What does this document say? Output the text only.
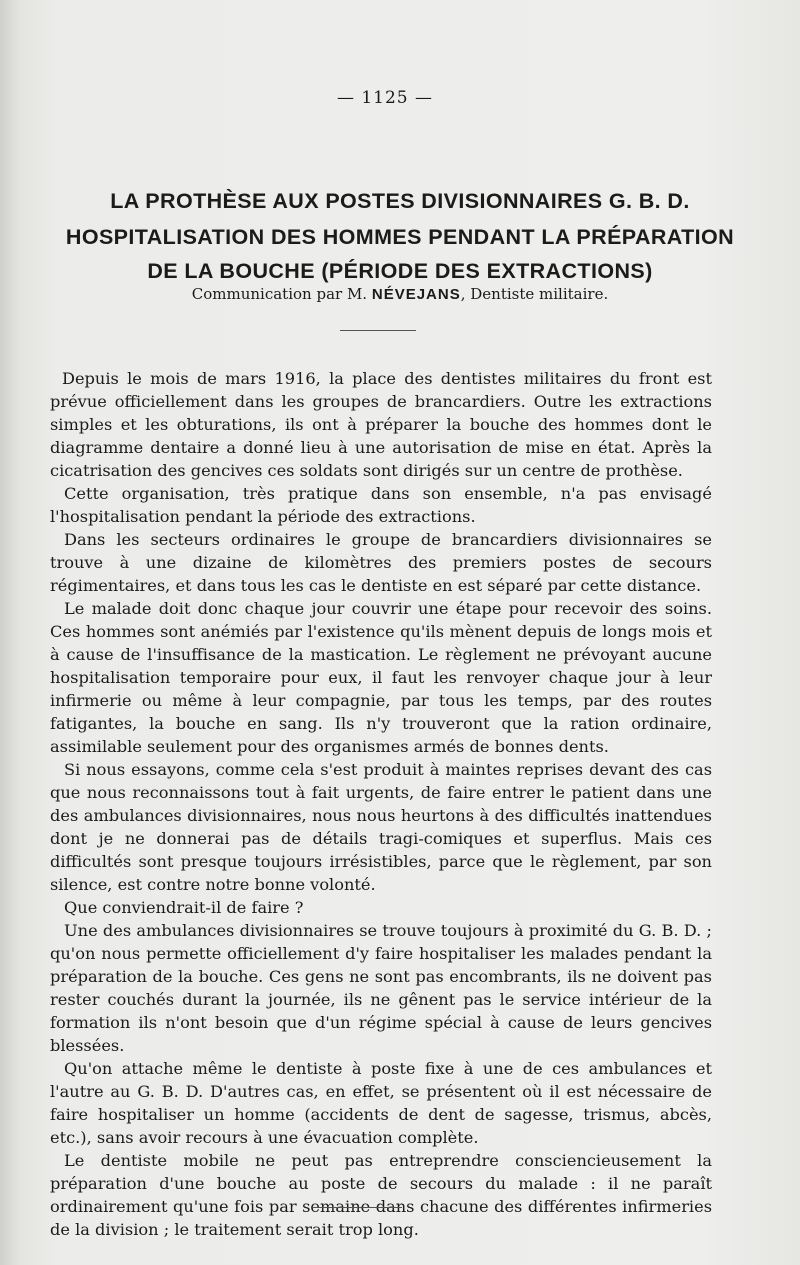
— 1125 —
LA PROTHÈSE AUX POSTES DIVISIONNAIRES G. B. D.
HOSPITALISATION DES HOMMES PENDANT LA PRÉPARATION
DE LA BOUCHE (PÉRIODE DES EXTRACTIONS)
Communication par M. NÉVEJANS, Dentiste militaire.

Depuis le mois de mars 1916, la place des dentistes militaires du front est prévue officiellement dans les groupes de brancardiers. Outre les extractions simples et les obturations, ils ont à préparer la bouche des hommes dont le diagramme dentaire a donné lieu à une autorisation de mise en état. Après la cicatrisation des gencives ces soldats sont dirigés sur un centre de prothèse.

Cette organisation, très pratique dans son ensemble, n'a pas envisagé l'hospitalisation pendant la période des extractions.

Dans les secteurs ordinaires le groupe de brancardiers divisionnaires se trouve à une dizaine de kilomètres des premiers postes de secours régimentaires, et dans tous les cas le dentiste en est séparé par cette distance.

Le malade doit donc chaque jour couvrir une étape pour recevoir des soins. Ces hommes sont anémiés par l'existence qu'ils mènent depuis de longs mois et à cause de l'insuffisance de la mastication. Le règlement ne prévoyant aucune hospitalisation temporaire pour eux, il faut les renvoyer chaque jour à leur infirmerie ou même à leur compagnie, par tous les temps, par des routes fatigantes, la bouche en sang. Ils n'y trouveront que la ration ordinaire, assimilable seulement pour des organismes armés de bonnes dents.

Si nous essayons, comme cela s'est produit à maintes reprises devant des cas que nous reconnaissons tout à fait urgents, de faire entrer le patient dans une des ambulances divisionnaires, nous nous heurtons à des difficultés inattendues dont je ne donnerai pas de détails tragi-comiques et superflus. Mais ces difficultés sont presque toujours irrésistibles, parce que le règlement, par son silence, est contre notre bonne volonté.

Que conviendrait-il de faire ?

Une des ambulances divisionnaires se trouve toujours à proximité du G. B. D. ; qu'on nous permette officiellement d'y faire hospitaliser les malades pendant la préparation de la bouche. Ces gens ne sont pas encombrants, ils ne doivent pas rester couchés durant la journée, ils ne gênent pas le service intérieur de la formation ils n'ont besoin que d'un régime spécial à cause de leurs gencives blessées.

Qu'on attache même le dentiste à poste fixe à une de ces ambulances et l'autre au G. B. D. D'autres cas, en effet, se présentent où il est nécessaire de faire hospitaliser un homme (accidents de dent de sagesse, trismus, abcès, etc.), sans avoir recours à une évacuation complète.

Le dentiste mobile ne peut pas entreprendre consciencieusement la préparation d'une bouche au poste de secours du malade : il ne paraît ordinairement qu'une fois par semaine dans chacune des différentes infirmeries de la division ; le traitement serait trop long.
